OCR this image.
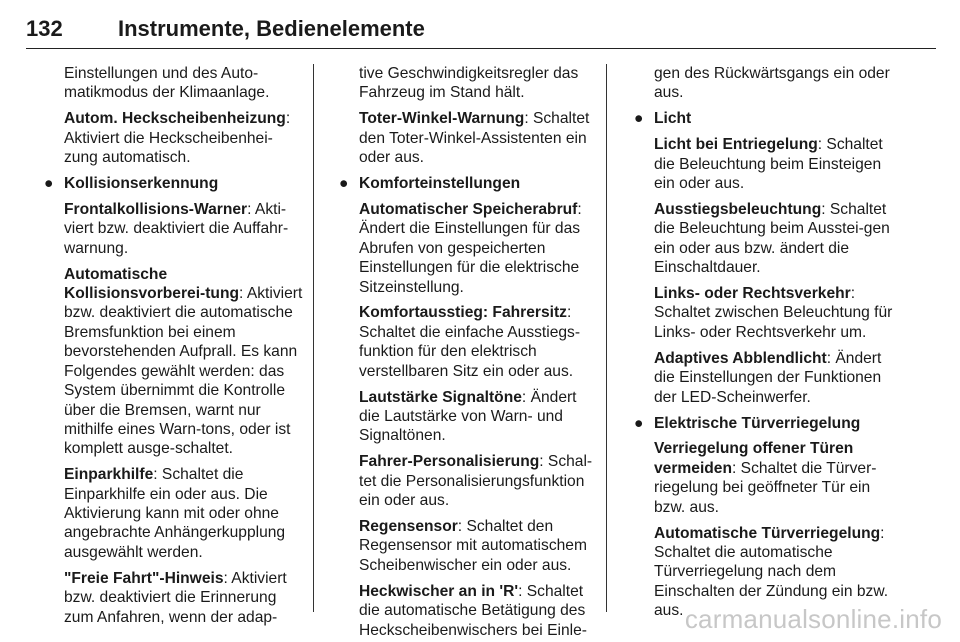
132	Instrumente, Bedienelemente

Einstellungen und des Auto-matikmodus der Klimaanlage.

Autom. Heckscheibenheizung: Aktiviert die Heckscheibenhei-zung automatisch.

● Kollisionserkennung

Frontalkollisions-Warner: Akti-viert bzw. deaktiviert die Auffahr-warnung.

Automatische Kollisionsvorberei-tung: Aktiviert bzw. deaktiviert die automatische Bremsfunktion bei einem bevorstehenden Aufprall. Es kann Folgendes gewählt werden: das System übernimmt die Kontrolle über die Bremsen, warnt nur mithilfe eines Warn-tons, oder ist komplett ausge-schaltet.

Einparkhilfe: Schaltet die Einparkhilfe ein oder aus. Die Aktivierung kann mit oder ohne angebrachte Anhängerkupplung ausgewählt werden.

"Freie Fahrt"-Hinweis: Aktiviert bzw. deaktiviert die Erinnerung zum Anfahren, wenn der adap-

tive Geschwindigkeitsregler das Fahrzeug im Stand hält.

Toter-Winkel-Warnung: Schaltet den Toter-Winkel-Assistenten ein oder aus.

● Komforteinstellungen

Automatischer Speicherabruf: Ändert die Einstellungen für das Abrufen von gespeicherten Einstellungen für die elektrische Sitzeinstellung.

Komfortausstieg: Fahrersitz: Schaltet die einfache Ausstiegs-funktion für den elektrisch verstellbaren Sitz ein oder aus.

Lautstärke Signaltöne: Ändert die Lautstärke von Warn- und Signaltönen.

Fahrer-Personalisierung: Schal-tet die Personalisierungsfunktion ein oder aus.

Regensensor: Schaltet den Regensensor mit automatischem Scheibenwischer ein oder aus.

Heckwischer an in 'R': Schaltet die automatische Betätigung des Heckscheibenwischers bei Einle-

gen des Rückwärtsgangs ein oder aus.

● Licht

Licht bei Entriegelung: Schaltet die Beleuchtung beim Einsteigen ein oder aus.

Ausstiegsbeleuchtung: Schaltet die Beleuchtung beim Ausstei-gen ein oder aus bzw. ändert die Einschaltdauer.

Links- oder Rechtsverkehr: Schaltet zwischen Beleuchtung für Links- oder Rechtsverkehr um.

Adaptives Abblendlicht: Ändert die Einstellungen der Funktionen der LED-Scheinwerfer.

● Elektrische Türverriegelung

Verriegelung offener Türen vermeiden: Schaltet die Türver-riegelung bei geöffneter Tür ein bzw. aus.

Automatische Türverriegelung: Schaltet die automatische Türverriegelung nach dem Einschalten der Zündung ein bzw. aus. carmanualsonline.info
